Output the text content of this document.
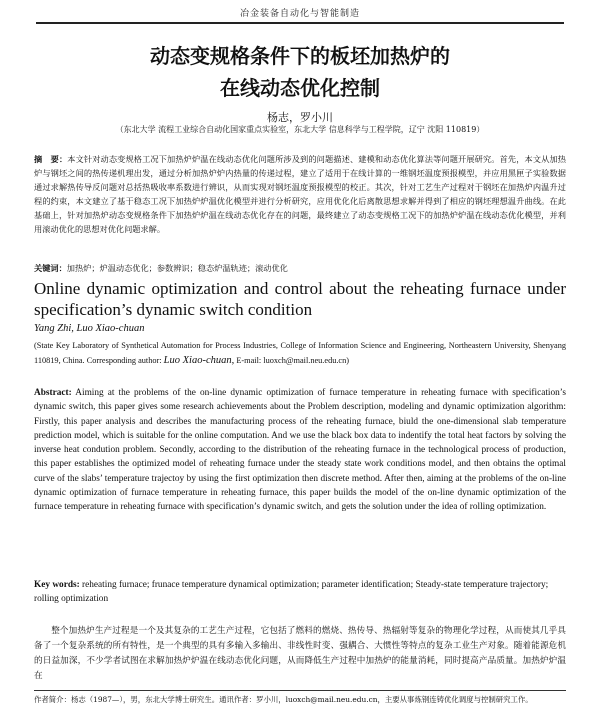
冶金装备自动化与智能制造
动态变规格条件下的板坯加热炉的
在线动态优化控制
杨志，罗小川
（东北大学 流程工业综合自动化国家重点实验室，东北大学 信息科学与工程学院，辽宁 沈阳 110819）
摘　要：本文针对动态变规格工况下加热炉炉温在线动态优化问题所涉及到的问题描述、建模和动态优化算法等问题开展研究。首先，本文从加热炉与钢坯之间的热传递机理出发，通过分析加热炉炉内热量的传递过程，建立了适用于在线计算的一维钢坯温度预报模型，并应用黑匣子实验数据通过求解热传导反问题对总括热吸收率系数进行辨识，从而实现对钢坯温度预报模型的校正。其次，针对工艺生产过程对于钢坯在加热炉内温升过程的约束，本文建立了基于稳态工况下加热炉炉温优化模型并进行分析研究，应用优化化后离散思想求解并得到了相应的钢坯理想温升曲线。在此基础上，针对加热炉动态变规格条件下加热炉炉温在线动态优化存在的问题，最终建立了动态变规格工况下的加热炉炉温在线动态优化模型，并利用滚动优化的思想对优化问题求解。
关键词：加热炉；炉温动态优化；参数辨识；稳态炉温轨迹；滚动优化
Online dynamic optimization and control about the reheating furnace under specification’s dynamic switch condition
Yang Zhi, Luo Xiao-chuan
(State Key Laboratory of Synthetical Automation for Process Industries, College of Information Science and Engineering, Northeastern University, Shenyang 110819, China. Corresponding author: Luo Xiao-chuan, E-mail: luoxch@mail.neu.edu.cn)
Abstract: Aiming at the problems of the on-line dynamic optimization of furnace temperature in reheating furnace with specification’s dynamic switch, this paper gives some research achievements about the Problem description, modeling and dynamic optimization algorithm: Firstly, this paper analysis and describes the manufacturing process of the reheating furnace, biuld the one-dimensional slab temperature prediction model, which is suitable for the online computation. And we use the black box data to indentify the total heat factors by solving the inverse heat condution problem. Secondly, according to the distribution of the reheating furnace in the technological process of production, this paper establishes the optimized model of reheating furnace under the steady state work conditions model, and then obtains the optimal curve of the slabs’ temperature trajectoy by using the first optimization then discrete method. After then, aiming at the problems of the on-line dynamic optimization of furnace temperature in reheating furnace, this paper builds the model of the on-line dynamic optimization of the furnace temperature in reheating furnace with specification’s dynamic switch, and gets the solution under the idea of rolling optimization.
Key words: reheating furnace; frunace temperature dynamical optimization; parameter identification; Steady-state temperature trajectory; rolling optimization
整个加热炉生产过程是一个及其复杂的工艺生产过程，它包括了燃料的燃烧、热传导、热辐射等复杂的物理化学过程，从而使其几乎具备了一个复杂系统的所有特性，是一个典型的具有多输入多输出、非线性时变、强耦合、大惯性等特点的复杂工业生产对象。随着能源危机的日益加深，不少学者试图在求解加热炉炉温在线动态优化问题，从而降低生产过程中加热炉的能量消耗，同时提高产品质量。加热炉炉温在
作者简介：杨志（1987—），男，东北大学博士研究生。通讯作者：罗小川，luoxch@mail.neu.edu.cn，主要从事炼钢连铸优化调度与控制研究工作。
